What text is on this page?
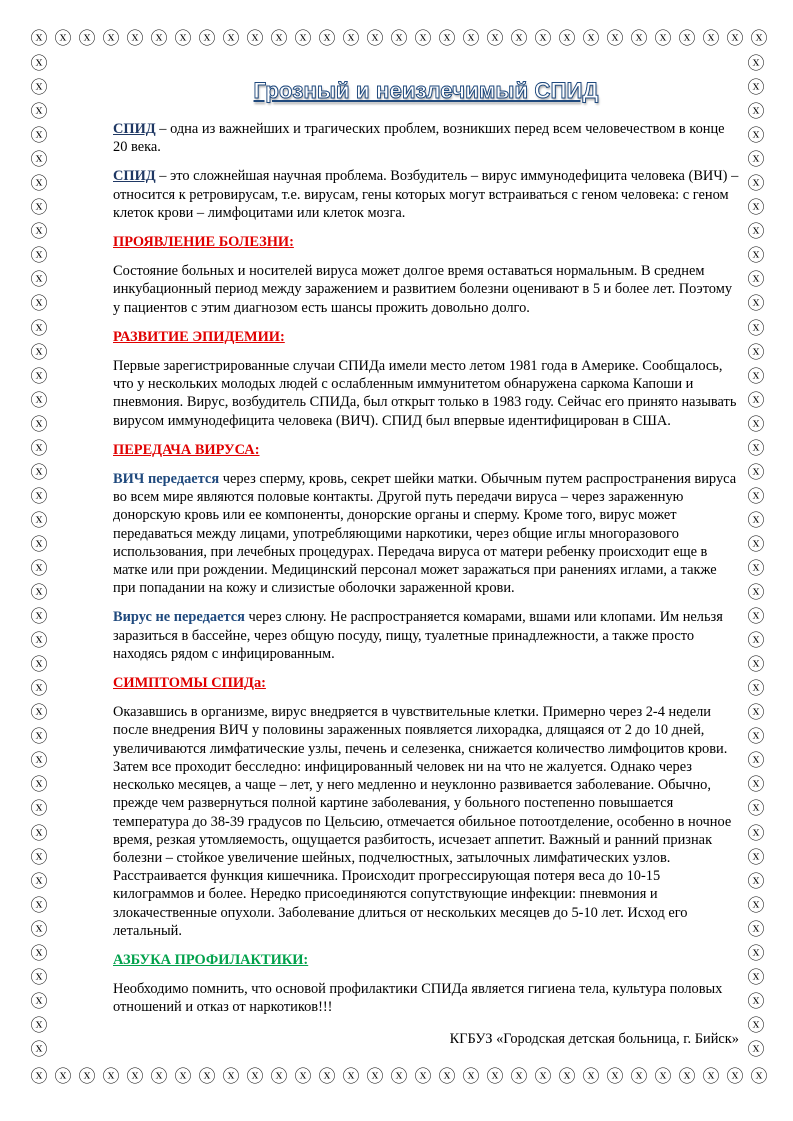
ⓧ ⓧ ⓧ ⓧ ⓧ ⓧ ⓧ ⓧ ⓧ ⓧ ⓧ ⓧ ⓧ ⓧ ⓧ ⓧ ⓧ ⓧ ⓧ ⓧ ⓧ ⓧ ⓧ ⓧ ⓧ ⓧ ⓧ ⓧ ⓧ ⓧ ⓧ
ⓧ ⓧ ⓧ ⓧ ⓧ ⓧ ⓧ ⓧ ⓧ ⓧ ⓧ ⓧ ⓧ ⓧ ⓧ ⓧ ⓧ ⓧ ⓧ ⓧ ⓧ ⓧ ⓧ ⓧ ⓧ ⓧ ⓧ ⓧ ⓧ ⓧ ⓧ
ⓧ
ⓧ
ⓧ
ⓧ
ⓧ
ⓧ
ⓧ
ⓧ
ⓧ
ⓧ
ⓧ
ⓧ
ⓧ
ⓧ
ⓧ
ⓧ
ⓧ
ⓧ
ⓧ
ⓧ
ⓧ
ⓧ
ⓧ
ⓧ
ⓧ
ⓧ
ⓧ
ⓧ
ⓧ
ⓧ
ⓧ
ⓧ
ⓧ
ⓧ
ⓧ
ⓧ
ⓧ
ⓧ
ⓧ
ⓧ
ⓧ
ⓧ
ⓧ
ⓧ
ⓧ
ⓧ
ⓧ
ⓧ
ⓧ
ⓧ
ⓧ
ⓧ
ⓧ
ⓧ
ⓧ
ⓧ
ⓧ
ⓧ
ⓧ
ⓧ
ⓧ
ⓧ
ⓧ
ⓧ
ⓧ
ⓧ
ⓧ
ⓧ
ⓧ
ⓧ
ⓧ
ⓧ
ⓧ
ⓧ
ⓧ
ⓧ
ⓧ
ⓧ
ⓧ
ⓧ
ⓧ
ⓧ
ⓧ
ⓧ
Грозный и неизлечимый СПИД

СПИД – одна из важнейших и трагических проблем, возникших перед всем человечеством в конце 20 века.

СПИД – это сложнейшая научная проблема. Возбудитель – вирус иммунодефицита человека (ВИЧ) – относится к ретровирусам, т.е. вирусам, гены которых могут встраиваться с геном человека: с геном клеток крови – лимфоцитами или клеток мозга.

ПРОЯВЛЕНИЕ БОЛЕЗНИ:

Состояние больных и носителей вируса может долгое время оставаться нормальным. В среднем инкубационный период между заражением и развитием болезни оценивают в 5 и более лет. Поэтому у пациентов с этим диагнозом есть шансы прожить довольно долго.

РАЗВИТИЕ ЭПИДЕМИИ:

Первые зарегистрированные случаи СПИДа имели место летом 1981 года в Америке. Сообщалось, что у нескольких молодых людей с ослабленным иммунитетом обнаружена саркома Капоши и пневмония. Вирус, возбудитель СПИДа, был открыт только в 1983 году. Сейчас его принято называть вирусом иммунодефицита человека (ВИЧ). СПИД был впервые идентифицирован в США.

ПЕРЕДАЧА ВИРУСА:

ВИЧ передается через сперму, кровь, секрет шейки матки. Обычным путем распространения вируса во всем мире являются половые контакты. Другой путь передачи вируса – через зараженную донорскую кровь или ее компоненты, донорские органы и сперму. Кроме того, вирус может передаваться между лицами, употребляющими наркотики, через общие иглы многоразового использования, при лечебных процедурах. Передача вируса от матери ребенку происходит еще в матке или при рождении. Медицинский персонал может заражаться при ранениях иглами, а также при попадании на кожу и слизистые оболочки зараженной крови.

Вирус не передается через слюну. Не распространяется комарами, вшами или клопами. Им нельзя заразиться в бассейне, через общую посуду, пищу, туалетные принадлежности, а также просто находясь рядом с инфицированным.

СИМПТОМЫ СПИДа:

Оказавшись в организме, вирус внедряется в чувствительные клетки. Примерно через 2-4 недели после внедрения ВИЧ у половины зараженных появляется лихорадка, длящаяся от 2 до 10 дней, увеличиваются лимфатические узлы, печень и селезенка, снижается количество лимфоцитов крови. Затем все проходит бесследно: инфицированный человек ни на что не жалуется. Однако через несколько месяцев, а чаще – лет, у него медленно и неуклонно развивается заболевание. Обычно, прежде чем развернуться полной картине заболевания, у больного постепенно повышается температура до 38-39 градусов по Цельсию, отмечается обильное потоотделение, особенно в ночное время, резкая утомляемость, ощущается разбитость, исчезает аппетит. Важный и ранний признак болезни – стойкое увеличение шейных, подчелюстных, затылочных лимфатических узлов. Расстраивается функция кишечника. Происходит прогрессирующая потеря веса до 10-15 килограммов и более. Нередко присоединяются сопутствующие инфекции: пневмония и злокачественные опухоли. Заболевание длиться от нескольких месяцев до 5-10 лет. Исход его летальный.

АЗБУКА ПРОФИЛАКТИКИ:

Необходимо помнить, что основой профилактики СПИДа является гигиена тела, культура половых отношений и отказ от наркотиков!!!

КГБУЗ «Городская детская больница, г. Бийск»
